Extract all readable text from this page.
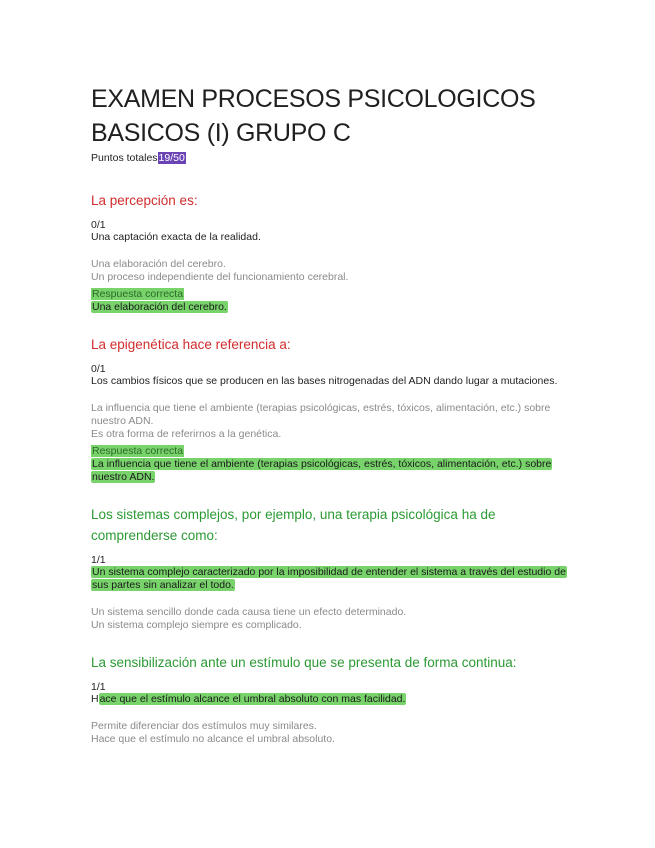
EXAMEN PROCESOS PSICOLOGICOS
BASICOS (I) GRUPO C
Puntos totales19/50
La percepción es:
0/1
Una captación exacta de la realidad.
Una elaboración del cerebro.
Un proceso independiente del funcionamiento cerebral.
Respuesta correcta
Una elaboración del cerebro.
La epigenética hace referencia a:
0/1
Los cambios físicos que se producen en las bases nitrogenadas del ADN dando lugar a mutaciones.
La influencia que tiene el ambiente (terapias psicológicas, estrés, tóxicos, alimentación, etc.) sobre nuestro ADN.
Es otra forma de referirnos a la genética.
Respuesta correcta
La influencia que tiene el ambiente (terapias psicológicas, estrés, tóxicos, alimentación, etc.) sobre nuestro ADN.
Los sistemas complejos, por ejemplo, una terapia psicológica ha de comprenderse como:
1/1
Un sistema complejo caracterizado por la imposibilidad de entender el sistema a través del estudio de sus partes sin analizar el todo.
Un sistema sencillo donde cada causa tiene un efecto determinado.
Un sistema complejo siempre es complicado.
La sensibilización ante un estímulo que se presenta de forma continua:
1/1
Hace que el estímulo alcance el umbral absoluto con mas facilidad.
Permite diferenciar dos estímulos muy similares.
Hace que el estímulo no alcance el umbral absoluto.
